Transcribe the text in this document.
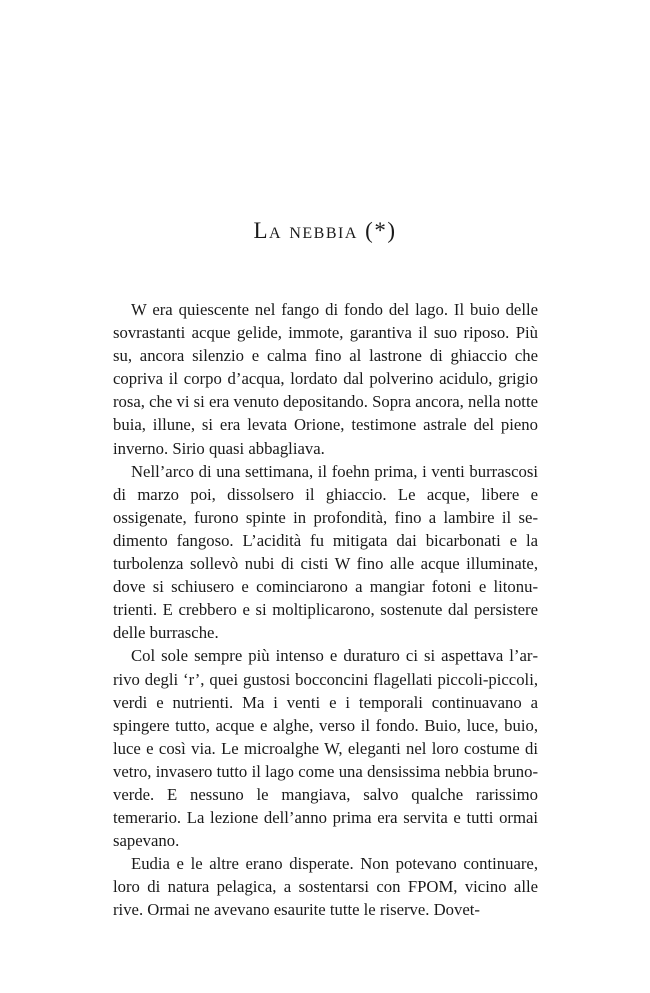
La nebbia (*)

W era quiescente nel fango di fondo del lago. Il buio delle sovrastanti acque gelide, immote, garantiva il suo riposo. Più su, ancora silenzio e calma fino al lastrone di ghiaccio che copriva il corpo d’acqua, lordato dal polverino acidulo, grigio rosa, che vi si era venuto depositando. Sopra ancora, nella notte buia, illune, si era levata Orione, testimone astrale del pieno inverno. Sirio quasi abbagliava.

Nell’arco di una settimana, il foehn prima, i venti burrascosi di marzo poi, dissolsero il ghiaccio. Le acque, libere e ossigenate, furono spinte in profondità, fino a lambire il sedimento fangoso. L’acidità fu mitigata dai bicarbonati e la turbolenza sollevò nubi di cisti W fino alle acque illuminate, dove si schiusero e cominciarono a mangiar fotoni e litonutrienti. E crebbero e si moltiplicarono, sostenute dal persistere delle burrasche.

Col sole sempre più intenso e duraturo ci si aspettava l’arrivo degli ‘r’, quei gustosi bocconcini flagellati piccoli-piccoli, verdi e nutrienti. Ma i venti e i temporali continuavano a spingere tutto, acque e alghe, verso il fondo. Buio, luce, buio, luce e così via. Le microalghe W, eleganti nel loro costume di vetro, invasero tutto il lago come una densissima nebbia bruno-verde. E nessuno le mangiava, salvo qualche rarissimo temerario. La lezione dell’anno prima era servita e tutti ormai sapevano.

Eudia e le altre erano disperate. Non potevano continuare, loro di natura pelagica, a sostentarsi con FPOM, vicino alle rive. Ormai ne avevano esaurite tutte le riserve. Dovet-
